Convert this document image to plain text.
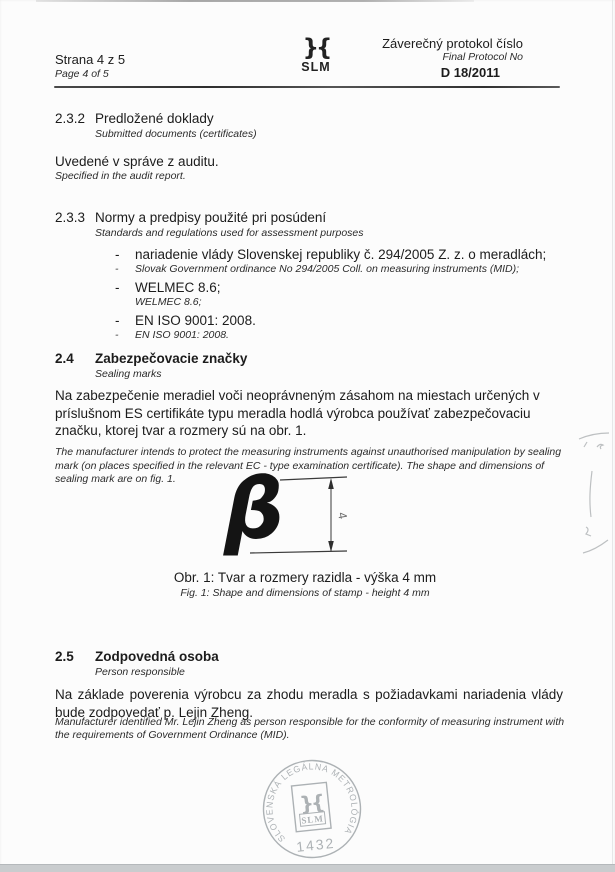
Strana 4 z 5
Page 4 of 5
}{
SLM
Záverečný protokol číslo
Final Protocol No
D 18/2011
2.3.2 Predložené doklady
Submitted documents (certificates)
Uvedené v správe z auditu.
Specified in the audit report.
2.3.3 Normy a predpisy použité pri posúdení
Standards and regulations used for assessment purposes
- nariadenie vlády Slovenskej republiky č. 294/2005 Z. z. o meradlách;
- Slovak Government ordinance No 294/2005 Coll. on measuring instruments (MID);
- WELMEC 8.6;
WELMEC 8.6;
- EN ISO 9001: 2008.
- EN ISO 9001: 2008.
2.4	Zabezpečovacie značky
Sealing marks
Na zabezpečenie meradiel voči neoprávneným zásahom na miestach určených v príslušnom ES certifikáte typu meradla hodlá výrobca používať zabezpečovaciu značku, ktorej tvar a rozmery sú na obr. 1.
The manufacturer intends to protect the measuring instruments against unauthorised manipulation by sealing mark (on places specified in the relevant EC - type examination certificate). The shape and dimensions of sealing mark are on fig. 1. β	4
Obr. 1: Tvar a rozmery razidla - výška 4 mm
Fig. 1: Shape and dimensions of stamp - height 4 mm
2.5	Zodpovedná osoba
Person responsible
Na základe poverenia výrobcu za zhodu meradla s požiadavkami nariadenia vlády bude zodpovedať p. Lejin Zheng.
Manufacturer identified Mr. Lejin Zheng as person responsible for the conformity of measuring instrument with the requirements of Government Ordinance (MID).
SLOVENSKÁ LEGÁLNA METROLÓGIA
}{
SLM
1432
